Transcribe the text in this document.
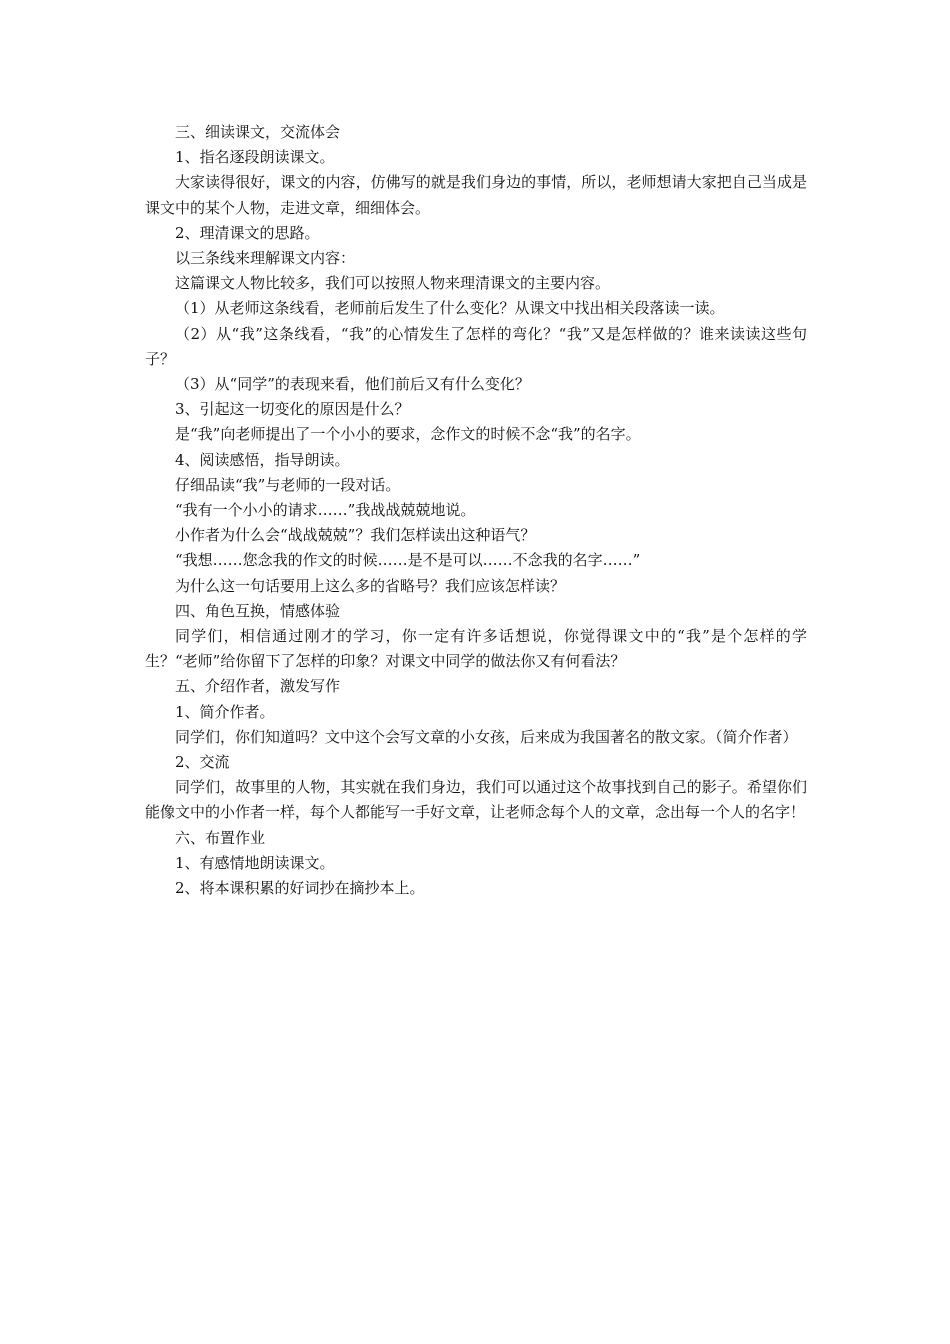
三、细读课文，交流体会

1、指名逐段朗读课文。

大家读得很好，课文的内容，仿佛写的就是我们身边的事情，所以，老师想请大家把自己当成是课文中的某个人物，走进文章，细细体会。

2、理清课文的思路。

以三条线来理解课文内容：

这篇课文人物比较多，我们可以按照人物来理清课文的主要内容。

（1）从老师这条线看，老师前后发生了什么变化？从课文中找出相关段落读一读。

（2）从“我”这条线看，“我”的心情发生了怎样的弯化？“我”又是怎样做的？谁来读读这些句子？

（3）从“同学”的表现来看，他们前后又有什么变化？

3、引起这一切变化的原因是什么？

是“我”向老师提出了一个小小的要求，念作文的时候不念“我”的名字。

4、阅读感悟，指导朗读。

仔细品读“我”与老师的一段对话。

“我有一个小小的请求……”我战战兢兢地说。

小作者为什么会“战战兢兢”？我们怎样读出这种语气？

“我想……您念我的作文的时候……是不是可以……不念我的名字……”

为什么这一句话要用上这么多的省略号？我们应该怎样读？

四、角色互换，情感体验

同学们，相信通过刚才的学习，你一定有许多话想说，你觉得课文中的“我”是个怎样的学生？“老师”给你留下了怎样的印象？对课文中同学的做法你又有何看法？

五、介绍作者，激发写作

1、简介作者。

同学们，你们知道吗？文中这个会写文章的小女孩，后来成为我国著名的散文家。（简介作者）

2、交流

同学们，故事里的人物，其实就在我们身边，我们可以通过这个故事找到自己的影子。希望你们能像文中的小作者一样，每个人都能写一手好文章，让老师念每个人的文章，念出每一个人的名字！

六、布置作业

1、有感情地朗读课文。

2、将本课积累的好词抄在摘抄本上。
